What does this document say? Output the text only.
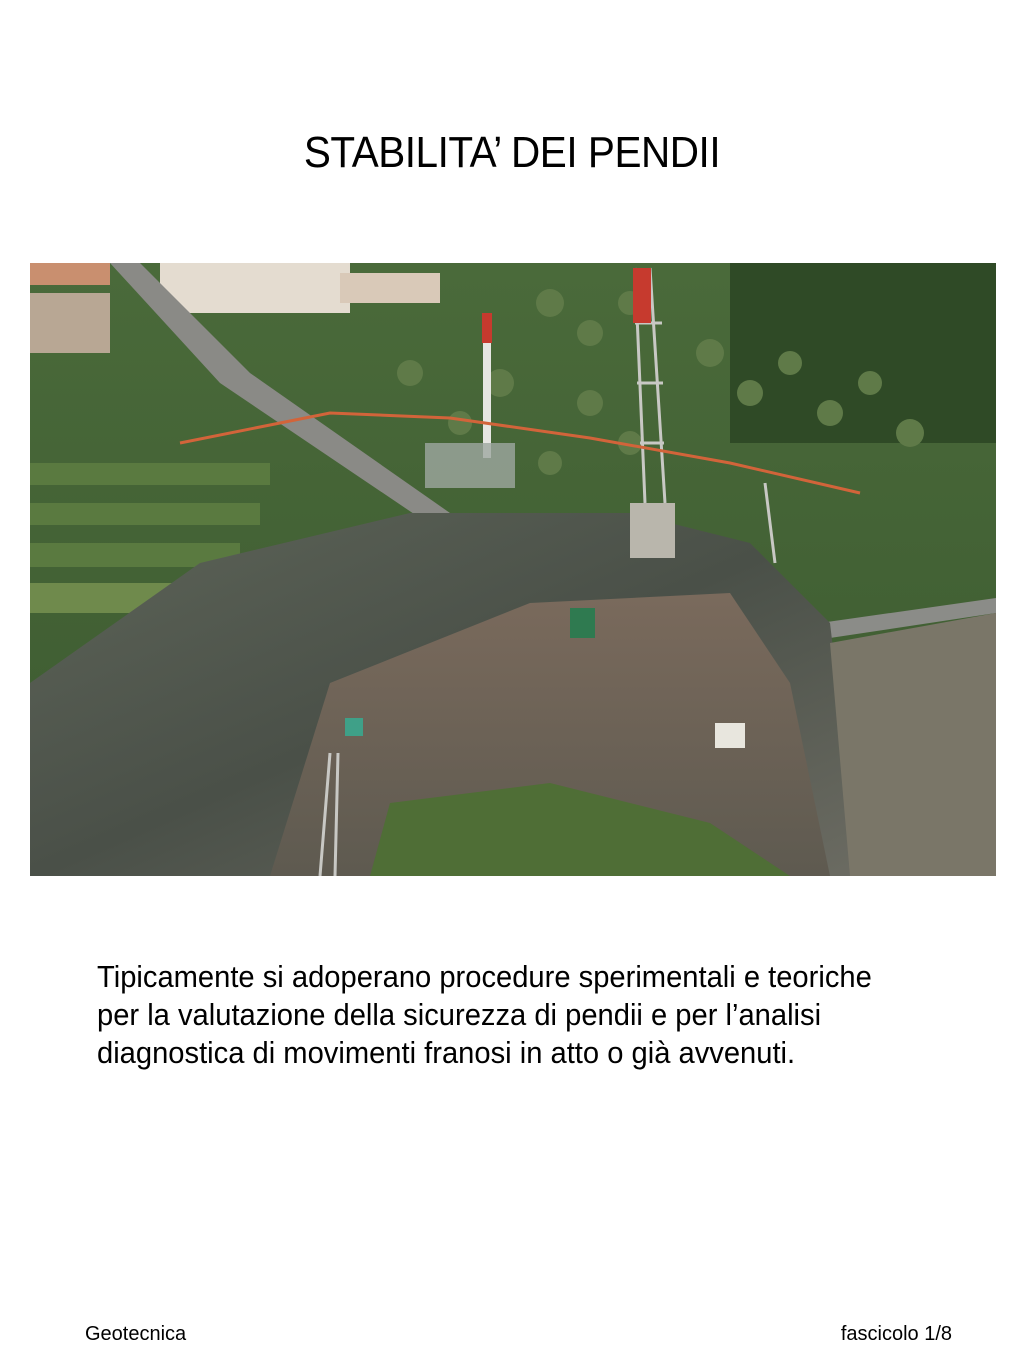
STABILITA’ DEI PENDII
Tipicamente si adoperano procedure sperimentali e teoriche per la valutazione della sicurezza di pendii e per l’analisi diagnostica di movimenti franosi in atto o già avvenuti.
Geotecnica	fascicolo 1/8
